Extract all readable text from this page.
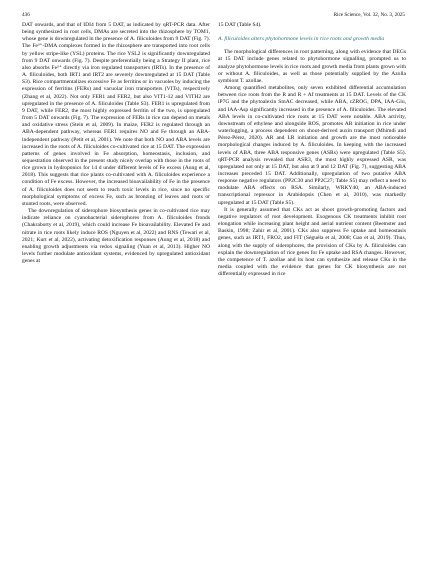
436	Rice Science, Vol. 32, No. 3, 2025

DAT onwards, and that of IDI4 from 5 DAT, as indicated by qRT-PCR data. After being synthesized in root cells, DMAs are secreted into the rhizosphere by TOM1, whose gene is downregulated in the presence of A. filiculoides from 9 DAT (Fig. 7). The Fe³⁺-DMA complexes formed in the rhizosphere are transported into root cells by yellow stripe-like (YSL) proteins. The rice YSL2 is significantly downregulated from 9 DAT onwards (Fig. 7). Despite preferentially being a Strategy II plant, rice also absorbs Fe²⁺ directly via iron regulated transporters (IRTs). In the presence of A. filiculoides, both IRT1 and IRT2 are severely downregulated at 15 DAT (Table S3). Rice compartmentalizes excessive Fe as ferritins or in vacuoles by inducing the expression of ferritins (FERs) and vacuolar iron transporters (VITs), respectively (Zhang et al, 2022). Not only FER1 and FER2, but also VIT1-12 and VITH2 are upregulated in the presence of A. filiculoides (Table S3). FER1 is upregulated from 9 DAT, while FER2, the most highly expressed ferritin of the two, is upregulated from 5 DAT onwards (Fig. 7). The expression of FERs in rice can depend on metals and oxidative stress (Stein et al, 2009). In maize, FER2 is regulated through an ABA-dependent pathway, whereas FER1 requires NO and Fe through an ABA-independent pathway (Petit et al, 2001). We note that both NO and ABA levels are increased in the roots of A. filiculoides co-cultivated rice at 15 DAT. The expression patterns of genes involved in Fe absorption, homeostasis, inclusion, and sequestration observed in the present study nicely overlap with those in the roots of rice grown in hydroponics for 14 d under different levels of Fe excess (Aung et al, 2018). This suggests that rice plants co-cultivated with A. filiculoides experience a condition of Fe excess. However, the increased bioavailability of Fe in the presence of A. filiculoides does not seem to reach toxic levels in rice, since no specific morphological symptoms of excess Fe, such as bronzing of leaves and roots or stunted roots, were observed.

The downregulation of siderophore biosynthesis genes in co-cultivated rice may indicate reliance on cyanobacterial siderophores from A. filiculoides fronds (Chakraborty et al, 2019), which could increase Fe bioavailability. Elevated Fe and nitrate in rice roots likely induce ROS (Nguyen et al, 2022) and RNS (Tewari et al, 2021; Kurt et al, 2022), activating detoxification responses (Aung et al, 2018) and enabling growth adjustments via redox signaling (Yuan et al, 2013). Higher NO levels further modulate antioxidant systems, evidenced by upregulated antioxidant genes at

15 DAT (Table S4).

A. filiculoides alters phytohormone levels in rice roots and growth media

The morphological differences in root patterning, along with evidence that DEGs at 15 DAT include genes related to phytohormone signalling, prompted us to analyze phytohormone levels in rice roots and growth media from plants grown with or without A. filiculoides, as well as those potentially supplied by the Azolla symbiont T. azollae.

Among quantified metabolites, only seven exhibited differential accumulation between rice roots from the R and R + Af treatments at 15 DAT. Levels of the CK iP7G and the phytoalexin SmAC decreased, while ABA, cZROG, DPA, IAA-Glu, and IAA-Asp significantly increased in the presence of A. filiculoides. The elevated ABA levels in co-cultivated rice roots at 15 DAT were notable. ABA activity, downstream of ethylene and alongside ROS, promotes AR initiation in rice under waterlogging, a process dependent on shoot-derived auxin transport (Mhimdi and Pérez-Pérez, 2020). AR and LR initiation and growth are the most noticeable morphological changes induced by A. filiculoides. In keeping with the increased levels of ABA, three ABA responsive genes (ASRs) were upregulated (Table S5). qRT-PCR analysis revealed that ASR3, the most highly expressed ASR, was upregulated not only at 15 DAT, but also at 9 and 12 DAT (Fig. 7), suggesting ABA increases preceded 15 DAT. Additionally, upregulation of two putative ABA response negative regulators (PP2C30 and PP2C27; Table S5) may reflect a need to modulate ABA effects on RSA. Similarly, WRKY40, an ABA-induced transcriptional repressor in Arabidopsis (Chen et al, 2010), was markedly upregulated at 15 DAT (Table S5).

It is generally assumed that CKs act as shoot growth-promoting factors and negative regulators of root development. Exogenous CK treatments inhibit root elongation while increasing plant height and aerial nutrient content (Beemster and Baskin, 1998; Zahir et al, 2001). CKs also suppress Fe uptake and homeostasis genes, such as IRT1, FRO2, and FIT (Séguéla et al, 2008; Gao et al, 2019). Thus, along with the supply of siderophores, the provision of CKs by A. filiculoides can explain the downregulation of rice genes for Fe uptake and RSA changes. However, the competence of T. azollae and its host can synthesize and release CKs in the media coupled with the evidence that genes for CK biosynthesis are not differentially expressed in rice
